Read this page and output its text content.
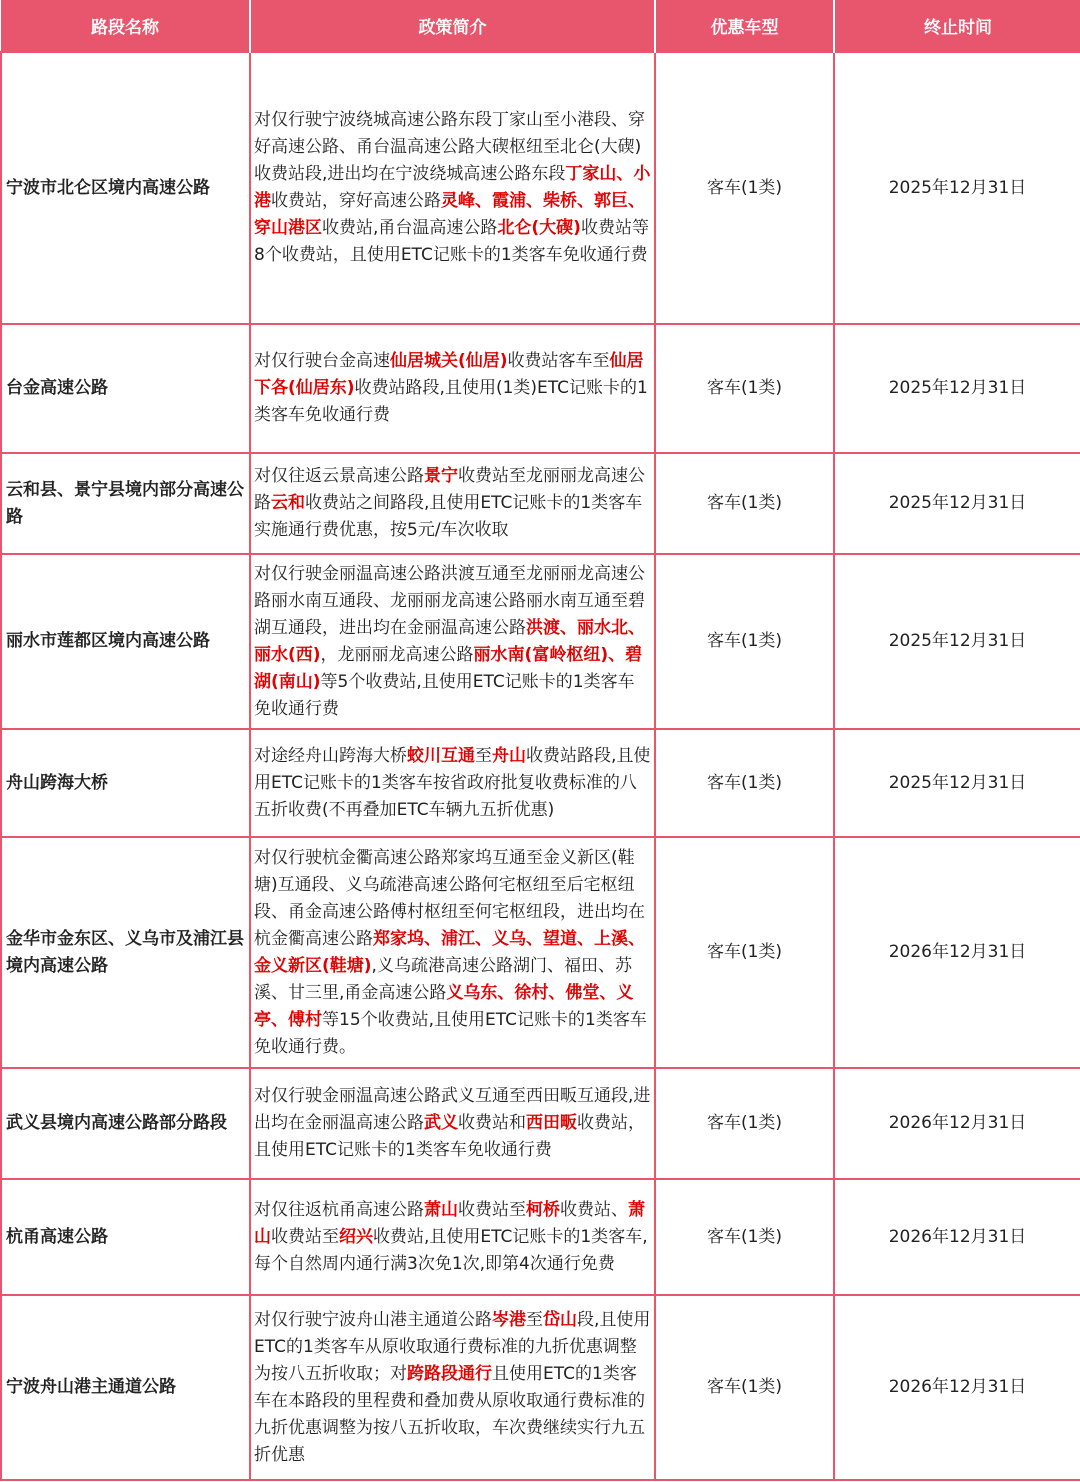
路段名称	政策简介	优惠车型	终止时间
宁波市北仑区境内高速公路	对仅行驶宁波绕城高速公路东段丁家山至小港段、穿好高速公路、甬台温高速公路大碶枢纽至北仑(大碶)收费站段,进出均在宁波绕城高速公路东段丁家山、小港收费站，穿好高速公路灵峰、霞浦、柴桥、郭巨、穿山港区收费站,甬台温高速公路北仑(大碶)收费站等8个收费站，且使用ETC记账卡的1类客车免收通行费	客车(1类)	2025年12月31日
台金高速公路	对仅行驶台金高速仙居城关(仙居)收费站客车至仙居下各(仙居东)收费站路段,且使用(1类)ETC记账卡的1类客车免收通行费	客车(1类)	2025年12月31日
云和县、景宁县境内部分高速公路	对仅往返云景高速公路景宁收费站至龙丽丽龙高速公路云和收费站之间路段,且使用ETC记账卡的1类客车实施通行费优惠，按5元/车次收取	客车(1类)	2025年12月31日
丽水市莲都区境内高速公路	对仅行驶金丽温高速公路洪渡互通至龙丽丽龙高速公路丽水南互通段、龙丽丽龙高速公路丽水南互通至碧湖互通段，进出均在金丽温高速公路洪渡、丽水北、丽水(西)，龙丽丽龙高速公路丽水南(富岭枢纽)、碧湖(南山)等5个收费站,且使用ETC记账卡的1类客车免收通行费	客车(1类)	2025年12月31日
舟山跨海大桥	对途经舟山跨海大桥蛟川互通至舟山收费站路段,且使用ETC记账卡的1类客车按省政府批复收费标准的八五折收费(不再叠加ETC车辆九五折优惠)	客车(1类)	2025年12月31日
金华市金东区、义乌市及浦江县境内高速公路	对仅行驶杭金衢高速公路郑家坞互通至金义新区(鞋塘)互通段、义乌疏港高速公路何宅枢纽至后宅枢纽段、甬金高速公路傅村枢纽至何宅枢纽段，进出均在杭金衢高速公路郑家坞、浦江、义乌、望道、上溪、金义新区(鞋塘),义乌疏港高速公路湖门、福田、苏溪、甘三里,甬金高速公路义乌东、徐村、佛堂、义亭、傅村等15个收费站,且使用ETC记账卡的1类客车免收通行费。	客车(1类)	2026年12月31日
武义县境内高速公路部分路段	对仅行驶金丽温高速公路武义互通至西田畈互通段,进出均在金丽温高速公路武义收费站和西田畈收费站，且使用ETC记账卡的1类客车免收通行费	客车(1类)	2026年12月31日
杭甬高速公路	对仅往返杭甬高速公路萧山收费站至柯桥收费站、萧山收费站至绍兴收费站,且使用ETC记账卡的1类客车,每个自然周内通行满3次免1次,即第4次通行免费	客车(1类)	2026年12月31日
宁波舟山港主通道公路	对仅行驶宁波舟山港主通道公路岑港至岱山段,且使用ETC的1类客车从原收取通行费标准的九折优惠调整为按八五折收取；对跨路段通行且使用ETC的1类客车在本路段的里程费和叠加费从原收取通行费标准的九折优惠调整为按八五折收取，车次费继续实行九五折优惠	客车(1类)	2026年12月31日
